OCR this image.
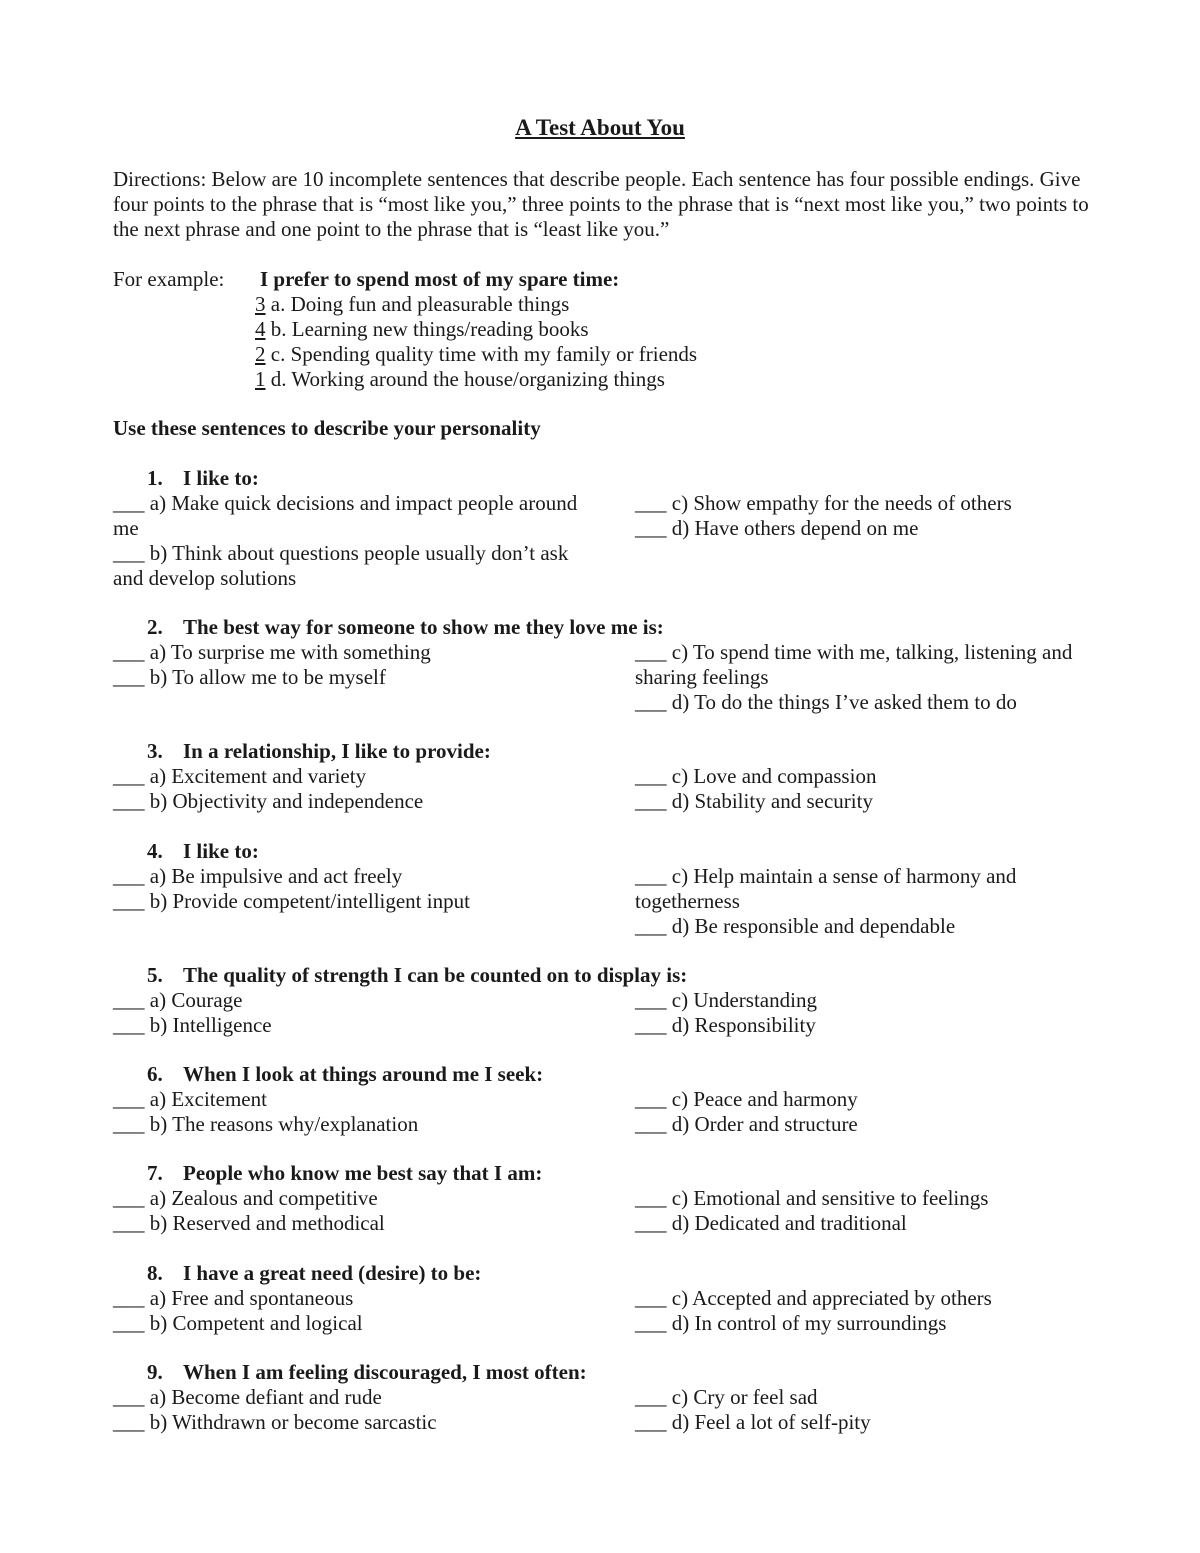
A Test About You
Directions: Below are 10 incomplete sentences that describe people. Each sentence has four possible endings. Give four points to the phrase that is “most like you,” three points to the phrase that is “next most like you,” two points to the next phrase and one point to the phrase that is “least like you.”
For example: I prefer to spend most of my spare time:
3 a. Doing fun and pleasurable things
4 b. Learning new things/reading books
2 c. Spending quality time with my family or friends
1 d. Working around the house/organizing things
Use these sentences to describe your personality
1. I like to:
___ a) Make quick decisions and impact people around me
___ b) Think about questions people usually don’t ask and develop solutions
___ c) Show empathy for the needs of others
___ d) Have others depend on me
2. The best way for someone to show me they love me is:
___ a) To surprise me with something
___ b) To allow me to be myself
___ c) To spend time with me, talking, listening and sharing feelings
___ d) To do the things I’ve asked them to do
3. In a relationship, I like to provide:
___ a) Excitement and variety
___ b) Objectivity and independence
___ c) Love and compassion
___ d) Stability and security
4. I like to:
___ a) Be impulsive and act freely
___ b) Provide competent/intelligent input
___ c) Help maintain a sense of harmony and togetherness
___ d) Be responsible and dependable
5. The quality of strength I can be counted on to display is:
___ a) Courage
___ b) Intelligence
___ c) Understanding
___ d) Responsibility
6. When I look at things around me I seek:
___ a) Excitement
___ b) The reasons why/explanation
___ c) Peace and harmony
___ d) Order and structure
7. People who know me best say that I am:
___ a) Zealous and competitive
___ b) Reserved and methodical
___ c) Emotional and sensitive to feelings
___ d) Dedicated and traditional
8. I have a great need (desire) to be:
___ a) Free and spontaneous
___ b) Competent and logical
___ c) Accepted and appreciated by others
___ d) In control of my surroundings
9. When I am feeling discouraged, I most often:
___ a) Become defiant and rude
___ b) Withdrawn or become sarcastic
___ c) Cry or feel sad
___ d) Feel a lot of self-pity
